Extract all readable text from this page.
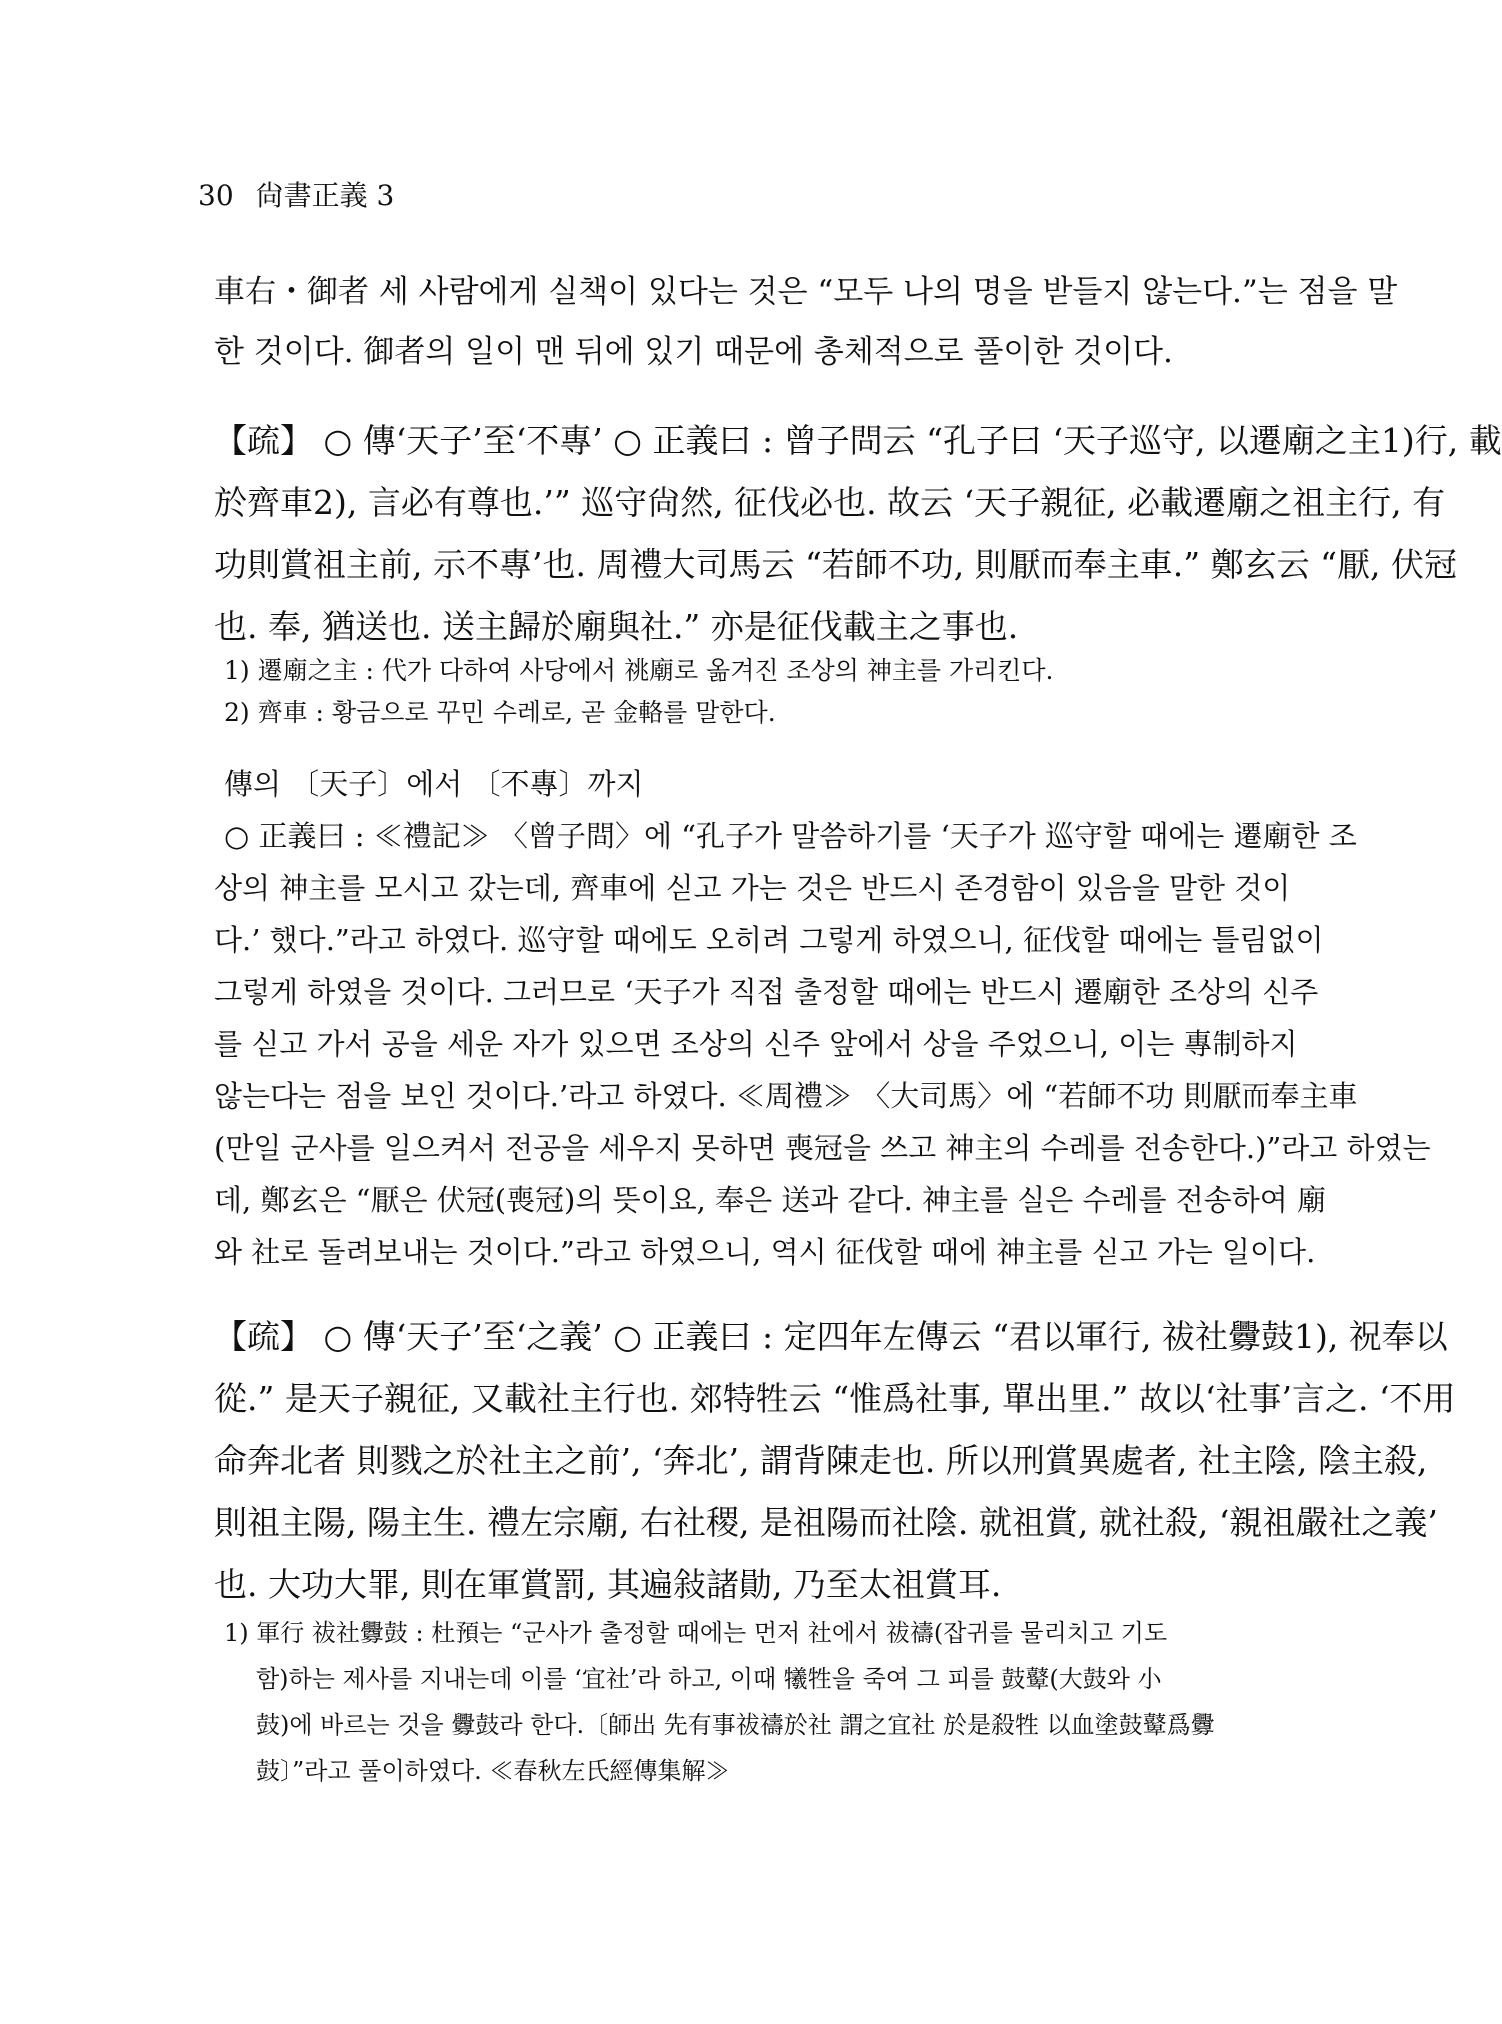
30 尙書正義 3
車右・御者 세 사람에게 실책이 있다는 것은 “모두 나의 명을 받들지 않는다.”는 점을 말
한 것이다. 御者의 일이 맨 뒤에 있기 때문에 총체적으로 풀이한 것이다.
【疏】 ○ 傳‘天子’至‘不專’ ○ 正義曰 : 曾子問云 “孔子曰 ‘天子巡守, 以遷廟之主1)行, 載
於齊車2), 言必有尊也.’” 巡守尙然, 征伐必也. 故云 ‘天子親征, 必載遷廟之祖主行, 有
功則賞祖主前, 示不專’也. 周禮大司馬云 “若師不功, 則厭而奉主車.” 鄭玄云 “厭, 伏冠
也. 奉, 猶送也. 送主歸於廟與社.” 亦是征伐載主之事也.
1) 遷廟之主 : 代가 다하여 사당에서 祧廟로 옮겨진 조상의 神主를 가리킨다.
2) 齊車 : 황금으로 꾸민 수레로, 곧 金輅를 말한다.
傳의 〔天子〕에서 〔不專〕까지
○ 正義曰 : ≪禮記≫ 〈曾子問〉에 “孔子가 말씀하기를 ‘天子가 巡守할 때에는 遷廟한 조
상의 神主를 모시고 갔는데, 齊車에 싣고 가는 것은 반드시 존경함이 있음을 말한 것이
다.’ 했다.”라고 하였다. 巡守할 때에도 오히려 그렇게 하였으니, 征伐할 때에는 틀림없이
그렇게 하였을 것이다. 그러므로 ‘天子가 직접 출정할 때에는 반드시 遷廟한 조상의 신주
를 싣고 가서 공을 세운 자가 있으면 조상의 신주 앞에서 상을 주었으니, 이는 專制하지
않는다는 점을 보인 것이다.’라고 하였다. ≪周禮≫ 〈大司馬〉에 “若師不功 則厭而奉主車
(만일 군사를 일으켜서 전공을 세우지 못하면 喪冠을 쓰고 神主의 수레를 전송한다.)”라고 하였는
데, 鄭玄은 “厭은 伏冠(喪冠)의 뜻이요, 奉은 送과 같다. 神主를 실은 수레를 전송하여 廟
와 社로 돌려보내는 것이다.”라고 하였으니, 역시 征伐할 때에 神主를 싣고 가는 일이다.
【疏】 ○ 傳‘天子’至‘之義’ ○ 正義曰 : 定四年左傳云 “君以軍行, 祓社釁鼓1), 祝奉以
從.” 是天子親征, 又載社主行也. 郊特牲云 “惟爲社事, 單出里.” 故以‘社事’言之. ‘不用
命奔北者 則戮之於社主之前’, ‘奔北’, 謂背陳走也. 所以刑賞異處者, 社主陰, 陰主殺,
則祖主陽, 陽主生. 禮左宗廟, 右社稷, 是祖陽而社陰. 就祖賞, 就社殺, ‘親祖嚴社之義’
也. 大功大罪, 則在軍賞罰, 其遍敍諸勛, 乃至太祖賞耳.
1) 軍行 祓社釁鼓 : 杜預는 “군사가 출정할 때에는 먼저 社에서 祓禱(잡귀를 물리치고 기도
함)하는 제사를 지내는데 이를 ‘宜社’라 하고, 이때 犧牲을 죽여 그 피를 鼓鼙(大鼓와 小
鼓)에 바르는 것을 釁鼓라 한다.〔師出 先有事祓禱於社 謂之宜社 於是殺牲 以血塗鼓鼙爲釁
鼓〕”라고 풀이하였다. ≪春秋左氏經傳集解≫
